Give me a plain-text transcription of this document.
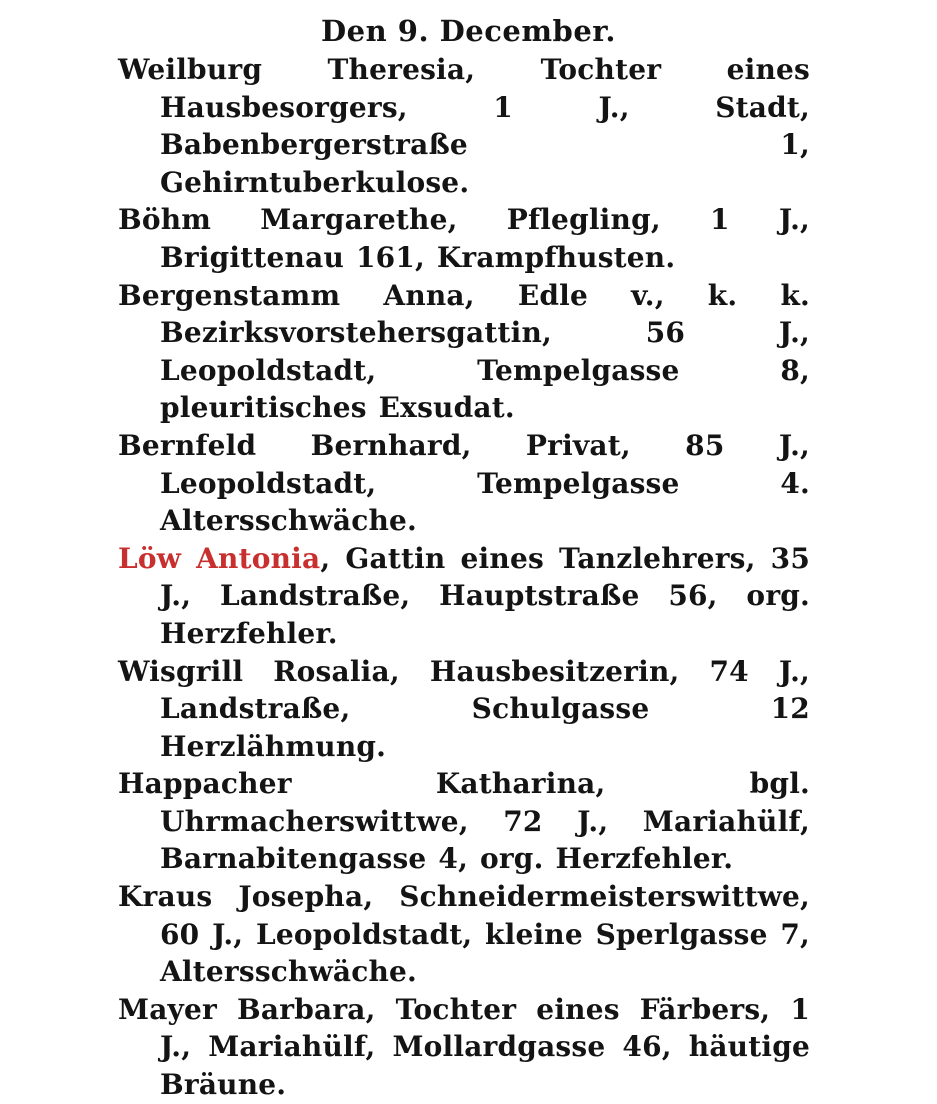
Den 9. December.

Weilburg Theresia, Tochter eines Hausbesorgers, 1 J., Stadt, Babenbergerstraße 1, Gehirntuberkulose.

Böhm Margarethe, Pflegling, 1 J., Brigittenau 161, Krampfhusten.

Bergenstamm Anna, Edle v., k. k. Bezirksvorstehersgattin, 56 J., Leopoldstadt, Tempelgasse 8, pleuritisches Exsudat.

Bernfeld Bernhard, Privat, 85 J., Leopoldstadt, Tempelgasse 4. Altersschwäche.

Löw Antonia, Gattin eines Tanzlehrers, 35 J., Landstraße, Hauptstraße 56, org. Herzfehler.

Wisgrill Rosalia, Hausbesitzerin, 74 J., Landstraße, Schulgasse 12 Herzlähmung.

Happacher Katharina, bgl. Uhrmacherswittwe, 72 J., Mariahülf, Barnabitengasse 4, org. Herzfehler.

Kraus Josepha, Schneidermeisterswittwe, 60 J., Leopoldstadt, kleine Sperlgasse 7, Altersschwäche.

Mayer Barbara, Tochter eines Färbers, 1 J., Mariahülf, Mollardgasse 46, häutige Bräune.
